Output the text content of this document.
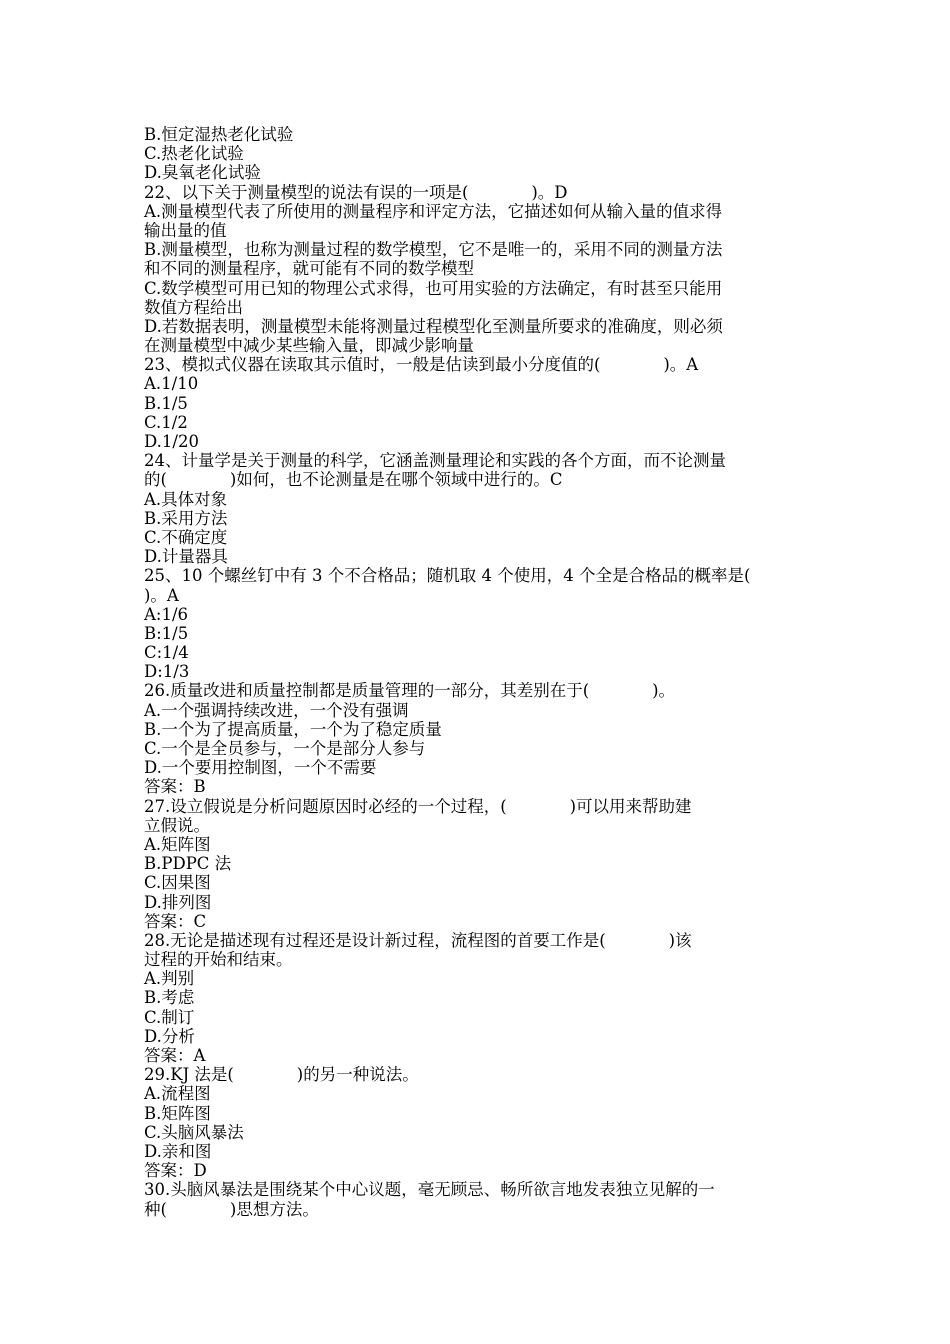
B.恒定湿热老化试验
C.热老化试验
D.臭氧老化试验
22、以下关于测量模型的说法有误的一项是(            )。D
A.测量模型代表了所使用的测量程序和评定方法，它描述如何从输入量的值求得
输出量的值
B.测量模型，也称为测量过程的数学模型，它不是唯一的，采用不同的测量方法
和不同的测量程序，就可能有不同的数学模型
C.数学模型可用已知的物理公式求得，也可用实验的方法确定，有时甚至只能用
数值方程给出
D.若数据表明，测量模型未能将测量过程模型化至测量所要求的准确度，则必须
在测量模型中减少某些输入量，即减少影响量
23、模拟式仪器在读取其示值时，一般是估读到最小分度值的(            )。A
A.1/10
B.1/5
C.1/2
D.1/20
24、计量学是关于测量的科学，它涵盖测量理论和实践的各个方面，而不论测量
的(            )如何，也不论测量是在哪个领域中进行的。C
A.具体对象
B.采用方法
C.不确定度
D.计量器具
25、10 个螺丝钉中有 3 个不合格品；随机取 4 个使用，4 个全是合格品的概率是(
)。A
A:1/6
B:1/5
C:1/4
D:1/3
26.质量改进和质量控制都是质量管理的一部分，其差别在于(            )。
A.一个强调持续改进，一个没有强调
B.一个为了提高质量，一个为了稳定质量
C.一个是全员参与，一个是部分人参与
D.一个要用控制图，一个不需要
答案：B
27.设立假说是分析问题原因时必经的一个过程，(            )可以用来帮助建
立假说。
A.矩阵图
B.PDPC 法
C.因果图
D.排列图
答案：C
28.无论是描述现有过程还是设计新过程，流程图的首要工作是(            )该
过程的开始和结束。
A.判别
B.考虑
C.制订
D.分析
答案：A
29.KJ 法是(            )的另一种说法。
A.流程图
B.矩阵图
C.头脑风暴法
D.亲和图
答案：D
30.头脑风暴法是围绕某个中心议题，毫无顾忌、畅所欲言地发表独立见解的一
种(            )思想方法。
